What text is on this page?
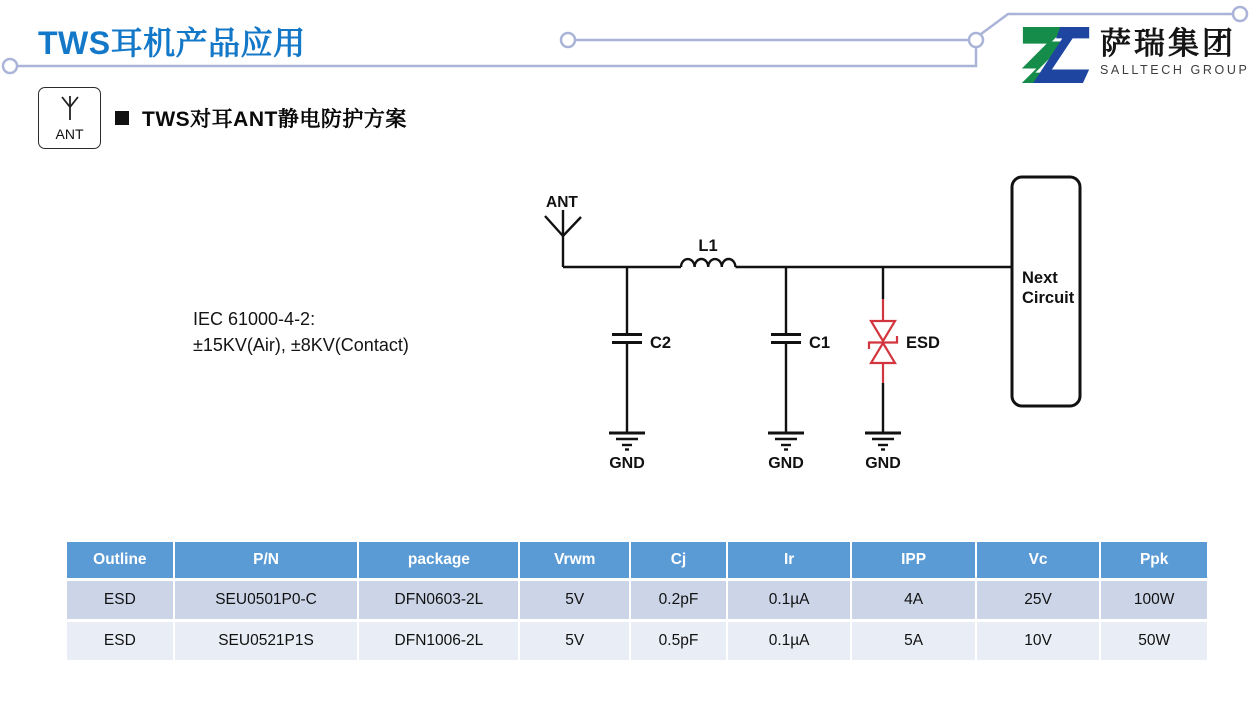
TWS耳机产品应用	萨瑞集团
SALLTECH GROUP
ANT
TWS对耳ANT静电防护方案
IEC 61000-4-2:
±15KV(Air), ±8KV(Contact)
ANT
L1
C2	C1	ESD
GND	GND	GND
Next
Circuit
Outline	P/N	package	Vrwm	Cj	Ir	IPP	Vc	Ppk
ESD	SEU0501P0-C	DFN0603-2L	5V	0.2pF	0.1µA	4A	25V	100W
ESD	SEU0521P1S	DFN1006-2L	5V	0.5pF	0.1µA	5A	10V	50W
